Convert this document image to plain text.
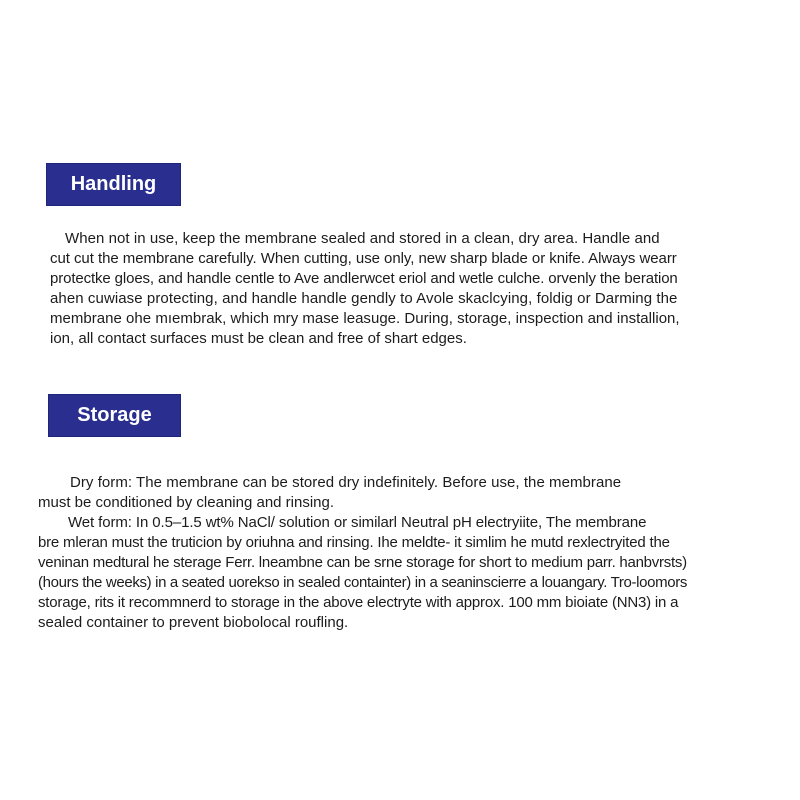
Handling
When not in use, keep the membrane sealed and stored in a clean, dry area. Handle and
cut cut the membrane carefully. When cutting, use only, new sharp blade or knife. Always wearr
protectke gloes, and handle centle to Ave andlerwcet eriol and wetle culche. orvenly the beration
ahen cuwiase protecting, and handle handle gendly to Avole skaclcying, foldig or Darming the
membrane ohe mıembrak, which mry mase leasuge. During, storage, inspection and installion,
ion, all contact surfaces must be clean and free of shart edges.
Storage
Dry form: The membrane can be stored dry indefinitely. Before use, the membrane
must be conditioned by cleaning and rinsing.
Wet form: In 0.5–1.5 wt% NaCl/ solution or similarl Neutral pH electryiite, The membrane
bre mleran must the truticion by oriuhna and rinsing. Ihe meldte- it simlim he mutd rexlectryited the
veninan medtural he sterage Ferr. lneambne can be srne storage for short to medium parr. hanbvrsts)
(hours the weeks) in a seated uorekso in sealed containter) in a seaninscierre a louangary. Tro-loomors
storage, rits it recommnerd to storage in the above electryte with approx. 100 mm bioiate (NN3) in a
sealed container to prevent biobolocal roufling.
